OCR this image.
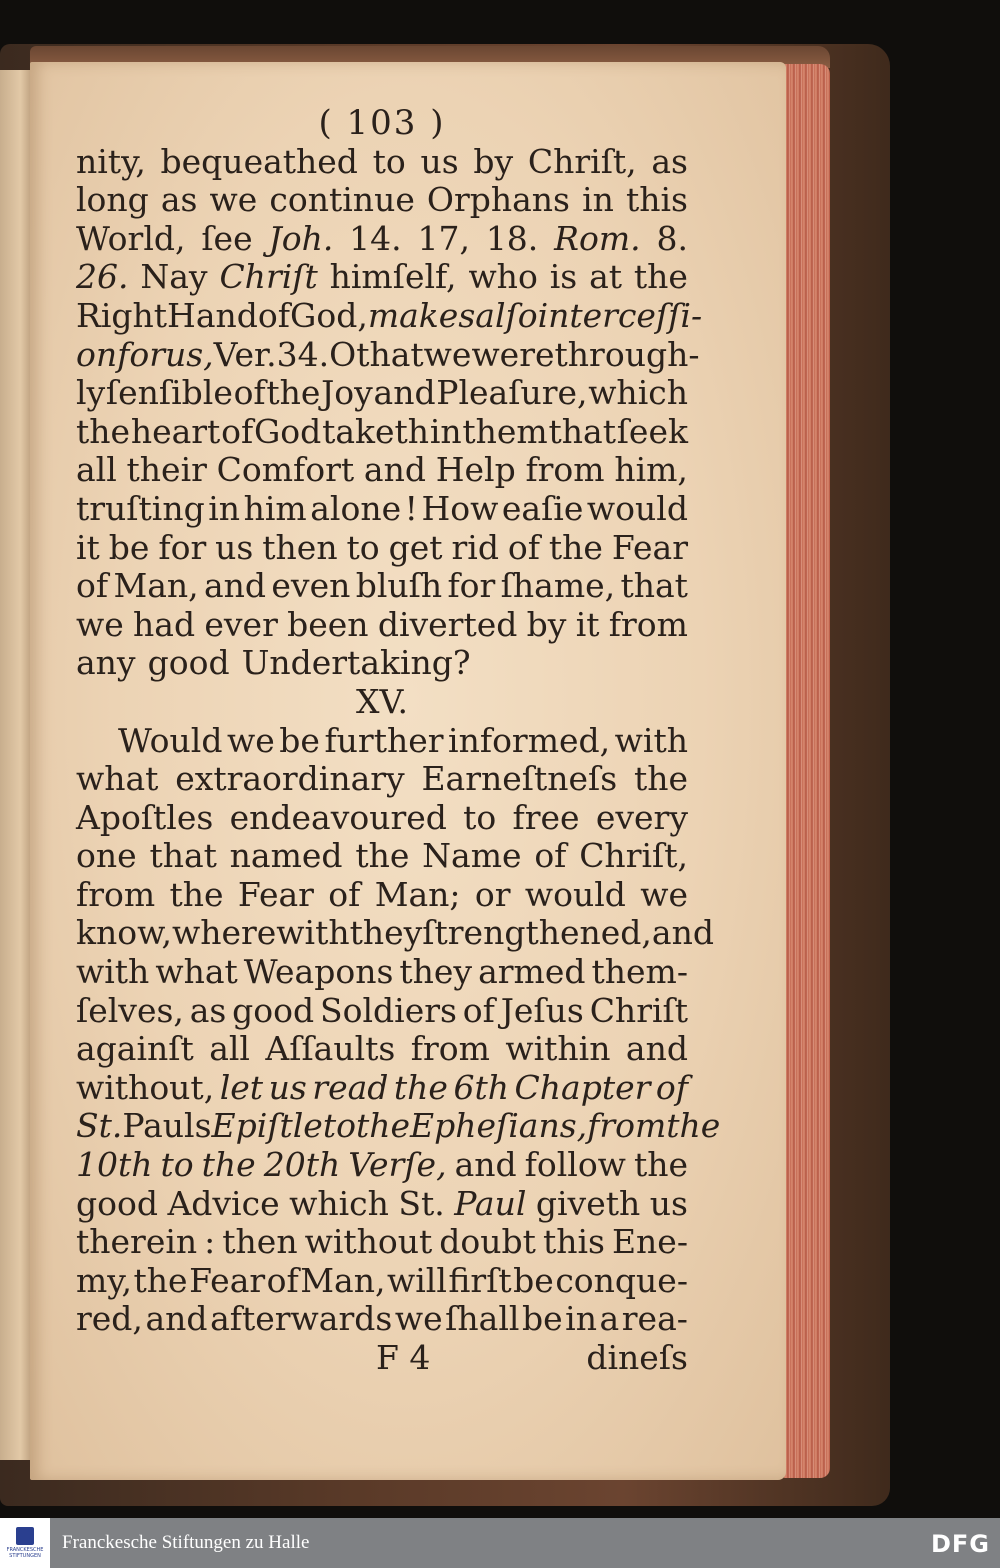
( 103 )
nity, bequeathed to us by Chriſt, as
long as we continue Orphans in this
World, ſee Joh. 14. 17, 18. Rom. 8.
26. Nay Chriſt himſelf, who is at the
Right Hand of God, makes alſo interceſſi-
on for us, Ver. 34. O that we were through-
ly ſenſible of the Joy and Pleaſure, which
the heart of God taketh in them that ſeek
all their Comfort and Help from him,
truſting in him alone ! How eaſie would
it be for us then to get rid of the Fear
of Man, and even bluſh for ſhame, that
we had ever been diverted by it from
any good Undertaking?
XV.
Would we be further informed, with
what extraordinary Earneſtneſs the
Apoſtles endeavoured to free every
one that named the Name of Chriſt,
from the Fear of Man; or would we
know, wherewith they ſtrengthened, and
with what Weapons they armed them-
ſelves, as good Soldiers of Jeſus Chriſt
againſt all Aſſaults from within and
without, let us read the 6th Chapter of
St. Pauls Epiſtle to the Epheſians, from the
10th to the 20th Verſe, and follow the
good Advice which St. Paul giveth us
therein : then without doubt this Ene-
my, the Fear of Man, will firſt be conque-
red, and afterwards we ſhall be in a rea-
F 4	dineſs
FRANCKESCHE
STIFTUNGEN
Franckesche Stiftungen zu Halle	DFG
